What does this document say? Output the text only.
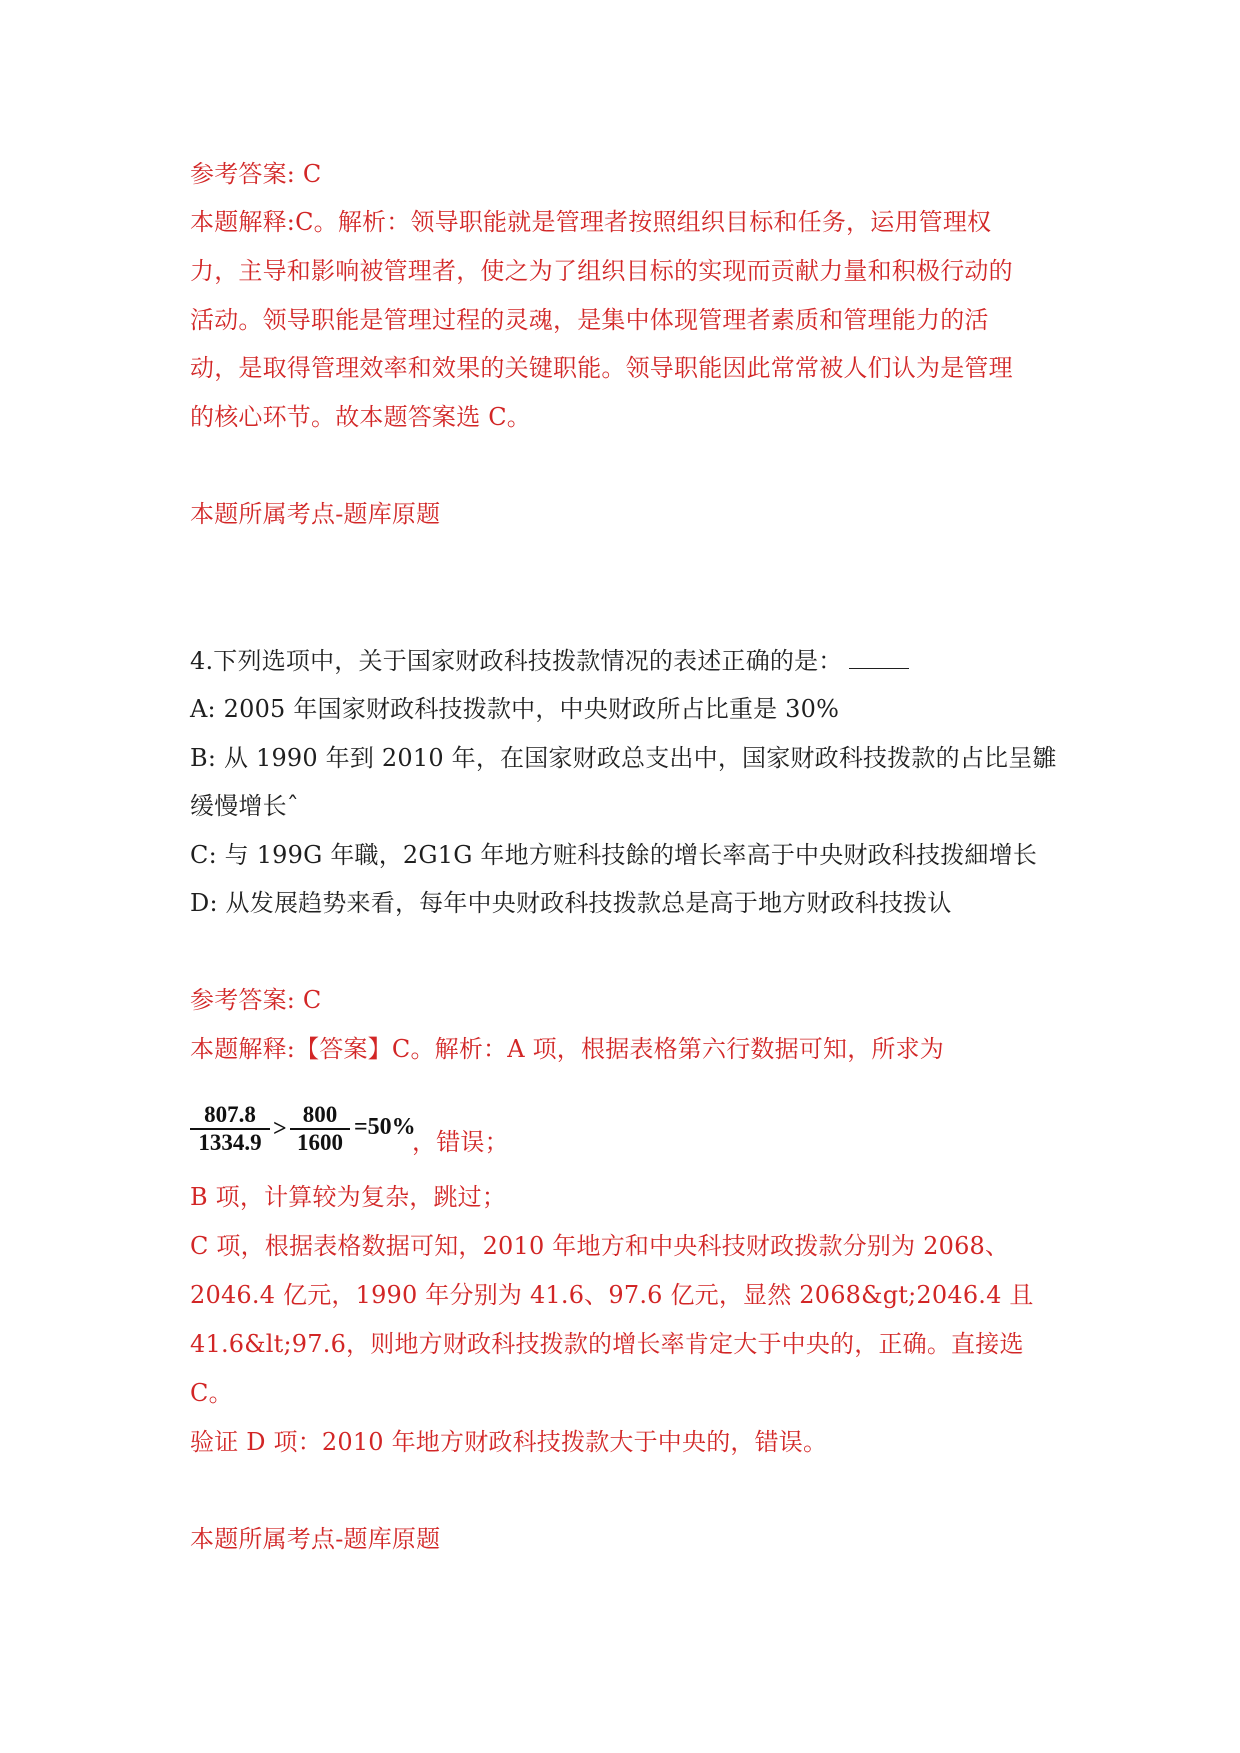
参考答案: C
本题解释:C。解析：领导职能就是管理者按照组织目标和任务，运用管理权
力，主导和影响被管理者，使之为了组织目标的实现而贡献力量和积极行动的
活动。领导职能是管理过程的灵魂，是集中体现管理者素质和管理能力的活
动，是取得管理效率和效果的关键职能。领导职能因此常常被人们认为是管理
的核心环节。故本题答案选 C。
本题所属考点-题库原题
4.下列选项中，关于国家财政科技拨款情况的表述正确的是：
A: 2005 年国家财政科技拨款中，中央财政所占比重是 30%
B: 从 1990 年到 2010 年，在国家财政总支出中，国家财政科技拨款的占比呈雛
缓慢增长ˆ
C: 与 199G 年職，2G1G 年地方赃科技餘的增长率高于中央财政科技拨細增长
D: 从发展趋势来看，每年中央财政科技拨款总是高于地方财政科技拨认
参考答案: C
本题解释:【答案】C。解析：A 项，根据表格第六行数据可知，所求为
$\frac{807.8}{1334.9} > \frac{800}{1600} =50\%$
，错误；
B 项，计算较为复杂，跳过；
C 项，根据表格数据可知，2010 年地方和中央科技财政拨款分别为 2068、
2046.4 亿元，1990 年分别为 41.6、97.6 亿元，显然 2068&gt;2046.4 且
41.6&lt;97.6，则地方财政科技拨款的增长率肯定大于中央的，正确。直接选
C。
验证 D 项：2010 年地方财政科技拨款大于中央的，错误。
本题所属考点-题库原题
